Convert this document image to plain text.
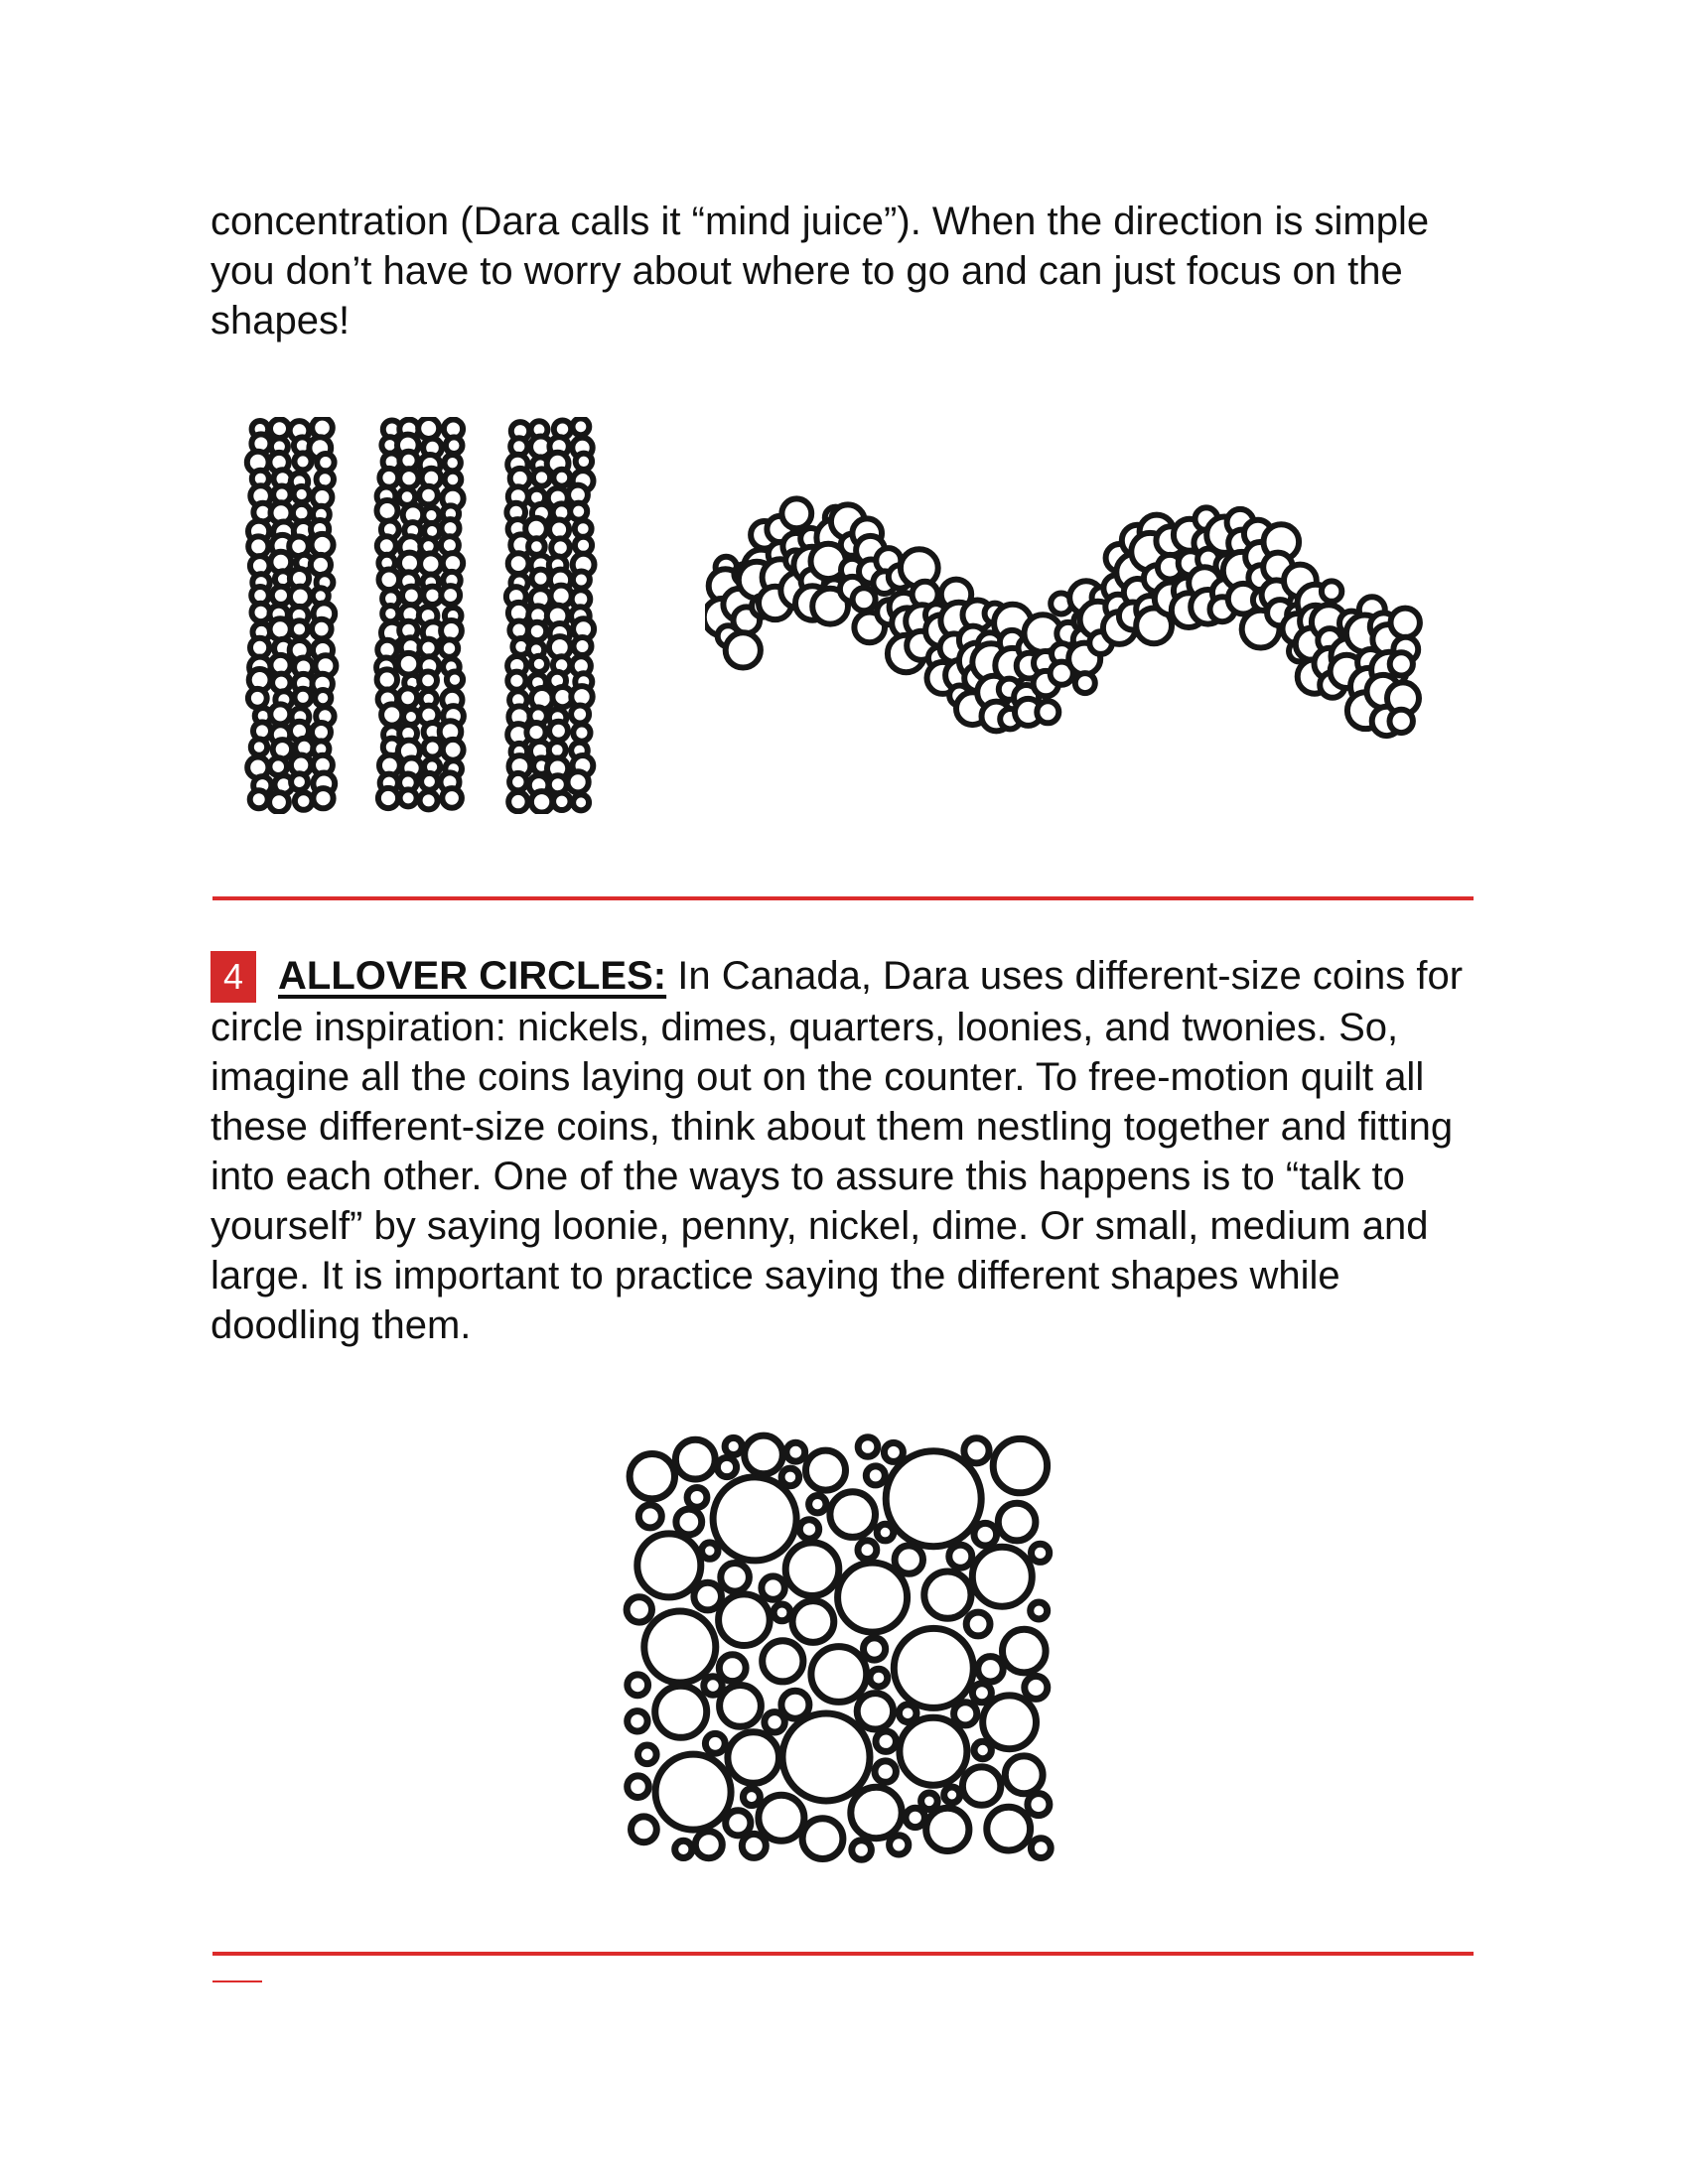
concentration (Dara calls it “mind juice”). When the direction is simple you don’t have to worry about where to go and can just focus on the shapes!

4 ALLOVER CIRCLES: In Canada, Dara uses different-size coins for circle inspiration: nickels, dimes, quarters, loonies, and twonies. So, imagine all the coins laying out on the counter. To free-motion quilt all these different-size coins, think about them nestling together and fitting into each other. One of the ways to assure this happens is to “talk to yourself” by saying loonie, penny, nickel, dime. Or small, medium and large. It is important to practice saying the different shapes while doodling them.
